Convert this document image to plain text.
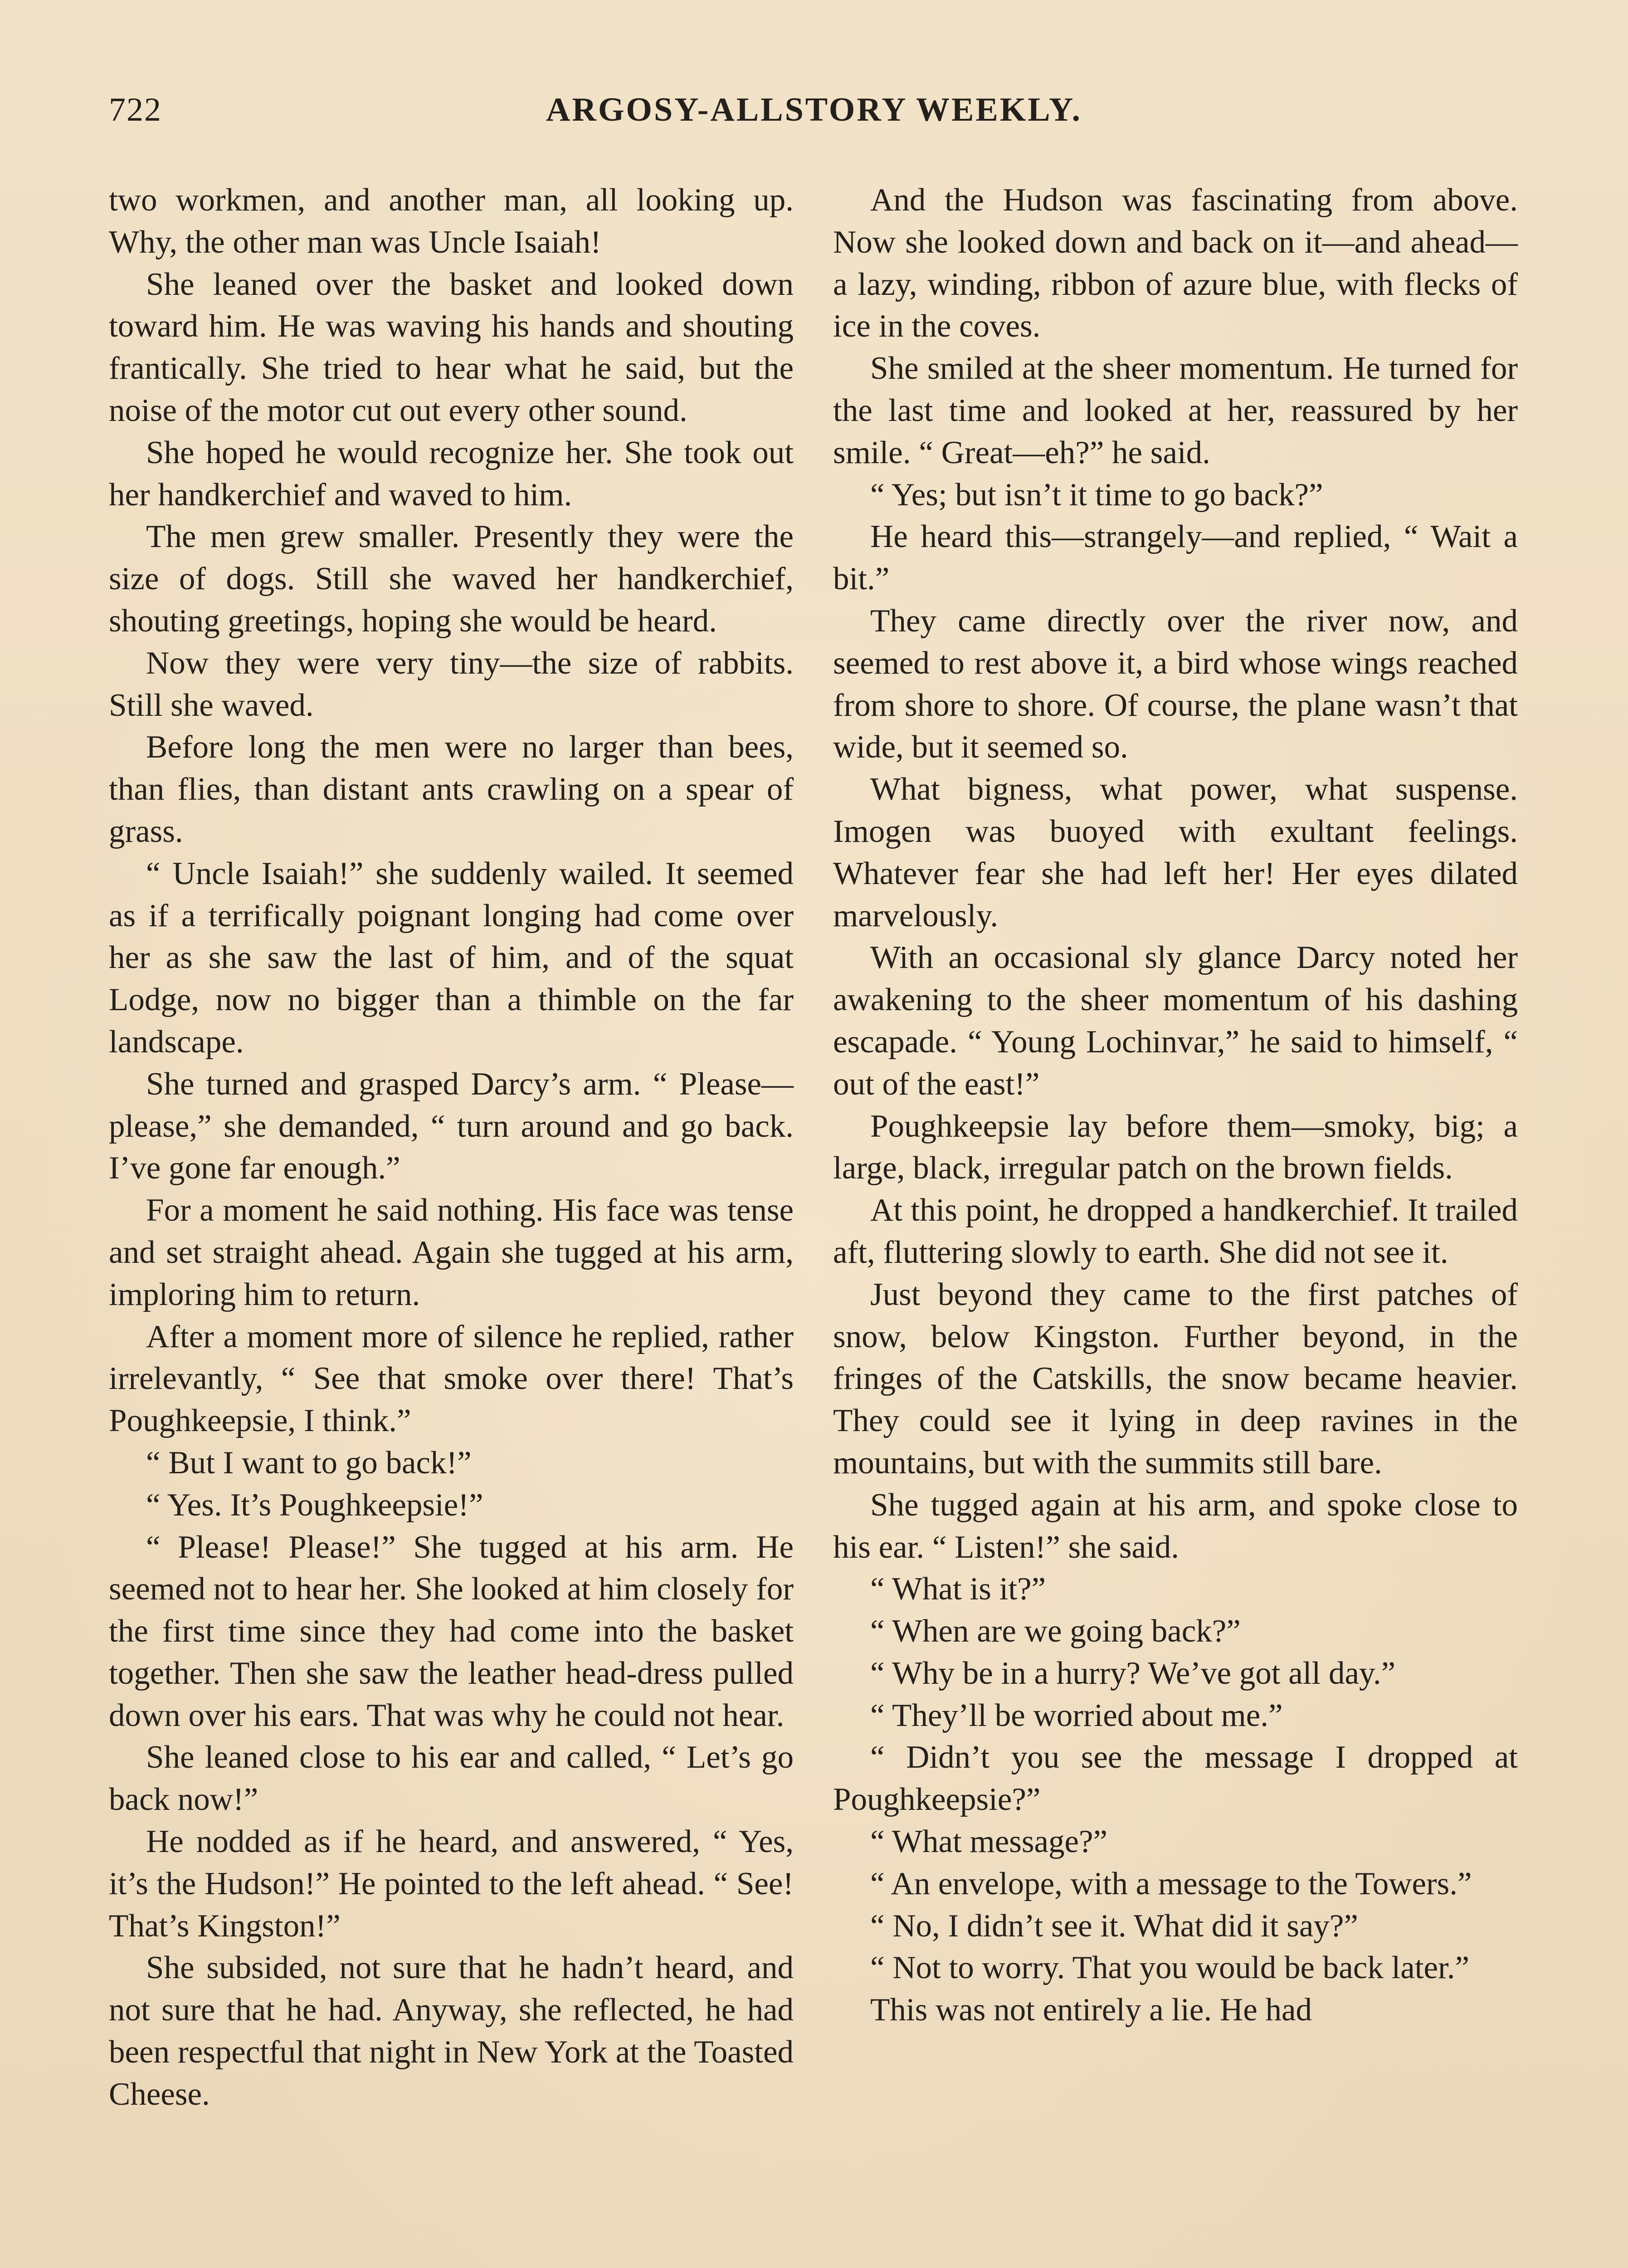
722	ARGOSY-ALLSTORY WEEKLY.

two workmen, and another man, all looking up. Why, the other man was Uncle Isaiah!

She leaned over the basket and looked down toward him. He was waving his hands and shouting frantically. She tried to hear what he said, but the noise of the motor cut out every other sound.

She hoped he would recognize her. She took out her handkerchief and waved to him.

The men grew smaller. Presently they were the size of dogs. Still she waved her handkerchief, shouting greetings, hoping she would be heard.

Now they were very tiny—the size of rabbits. Still she waved.

Before long the men were no larger than bees, than flies, than distant ants crawling on a spear of grass.

“ Uncle Isaiah!” she suddenly wailed. It seemed as if a terrifically poignant longing had come over her as she saw the last of him, and of the squat Lodge, now no bigger than a thimble on the far landscape.

She turned and grasped Darcy’s arm. “ Please—please,” she demanded, “ turn around and go back. I’ve gone far enough.”

For a moment he said nothing. His face was tense and set straight ahead. Again she tugged at his arm, imploring him to return.

After a moment more of silence he replied, rather irrelevantly, “ See that smoke over there! That’s Poughkeepsie, I think.”

“ But I want to go back!”

“ Yes. It’s Poughkeepsie!”

“ Please! Please!” She tugged at his arm. He seemed not to hear her. She looked at him closely for the first time since they had come into the basket together. Then she saw the leather head-dress pulled down over his ears. That was why he could not hear.

She leaned close to his ear and called, “ Let’s go back now!”

He nodded as if he heard, and answered, “ Yes, it’s the Hudson!” He pointed to the left ahead. “ See! That’s Kingston!”

She subsided, not sure that he hadn’t heard, and not sure that he had. Anyway, she reflected, he had been respectful that night in New York at the Toasted Cheese.

And the Hudson was fascinating from above. Now she looked down and back on it—and ahead—a lazy, winding, ribbon of azure blue, with flecks of ice in the coves.

She smiled at the sheer momentum. He turned for the last time and looked at her, reassured by her smile. “ Great—eh?” he said.

“ Yes; but isn’t it time to go back?”

He heard this—strangely—and replied, “ Wait a bit.”

They came directly over the river now, and seemed to rest above it, a bird whose wings reached from shore to shore. Of course, the plane wasn’t that wide, but it seemed so.

What bigness, what power, what suspense. Imogen was buoyed with exultant feelings. Whatever fear she had left her! Her eyes dilated marvelously.

With an occasional sly glance Darcy noted her awakening to the sheer momentum of his dashing escapade. “ Young Lochinvar,” he said to himself, “ out of the east!”

Poughkeepsie lay before them—smoky, big; a large, black, irregular patch on the brown fields.

At this point, he dropped a handkerchief. It trailed aft, fluttering slowly to earth. She did not see it.

Just beyond they came to the first patches of snow, below Kingston. Further beyond, in the fringes of the Catskills, the snow became heavier. They could see it lying in deep ravines in the mountains, but with the summits still bare.

She tugged again at his arm, and spoke close to his ear. “ Listen!” she said.

“ What is it?”

“ When are we going back?”

“ Why be in a hurry? We’ve got all day.”

“ They’ll be worried about me.”

“ Didn’t you see the message I dropped at Poughkeepsie?”

“ What message?”

“ An envelope, with a message to the Towers.”

“ No, I didn’t see it. What did it say?”

“ Not to worry. That you would be back later.”

This was not entirely a lie. He had
